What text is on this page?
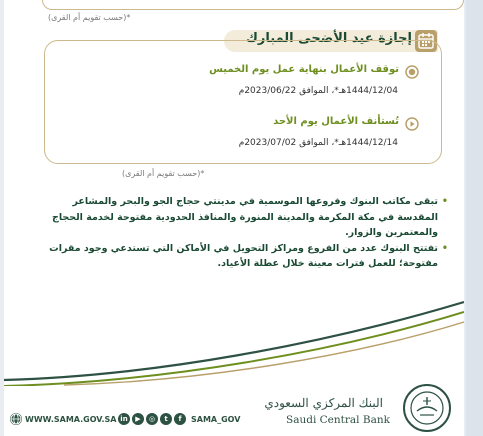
*(حسب تقويم أم القرى)
إجازة عيد الأضحى المبارك
توقف الأعمال بنهاية عمل يوم الخميس
1444/12/04هـ*، الموافق 2023/06/22م
تُستأنف الأعمال يوم الأحد
1444/12/14هـ*، الموافق 2023/07/02م
*(حسب تقويم أم القرى)

• تبقى مكاتب البنوك وفروعها الموسمية في مدينتي حجاج الجو والبحر والمشاعر المقدسة في مكة المكرمة والمدينة المنورة والمنافذ الحدودية مفتوحة لخدمة الحجاج والمعتمرين والزوار.

• تفتتح البنوك عدد من الفروع ومراكز التحويل في الأماكن التي تستدعي وجود مقرات مفتوحة؛ للعمل فترات معينة خلال عطلة الأعياد.

WWW.SAMA.GOV.SA in	▶	◎	t	f	SAMA_GOV
البنك المركزي السعودي
Saudi Central Bank
